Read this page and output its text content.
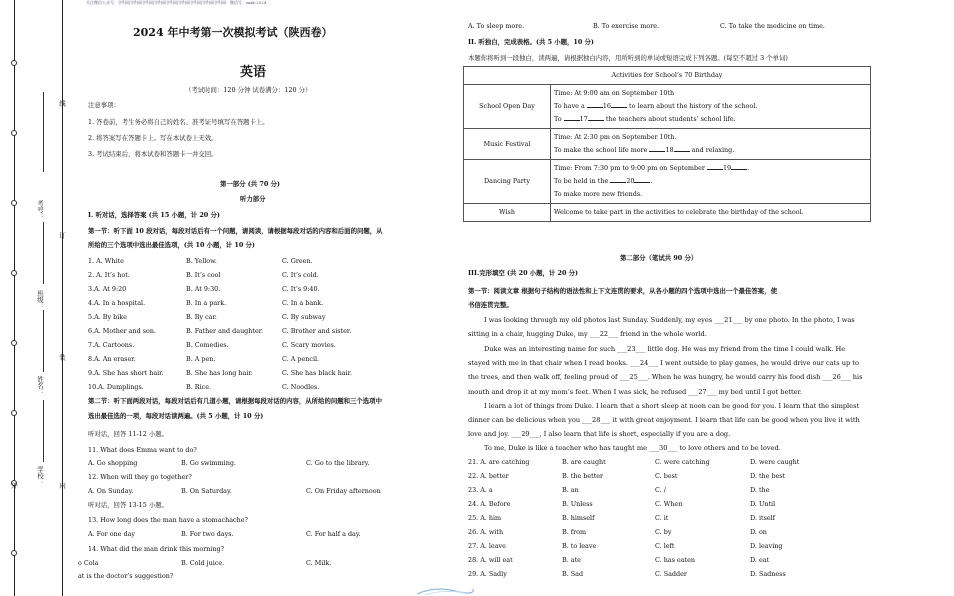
关注微信公众号：学科网学科网学科网学科网学科网学科网学科网学科网学科网 · 微信号：zxxk-2024
线
考号：
订
班级：
装
姓名：
外	学校： 内
2024 年中考第一次模拟考试（陕西卷）
英语
（考试时间：120 分钟 试卷满分：120 分）
注意事项：
1. 答卷前，考生务必将自己的姓名、准考证号填写在答题卡上。
2. 将答案写在答题卡上。写在本试卷上无效。
3. 考试结束后，将本试卷和答题卡一并交回。
第一部分 (共 70 分)
听力部分
I. 听对话，选择答案 (共 15 小题，计 20 分)
第一节：听下面 10 段对话，每段对话后有一个问题，请阅读，请根据每段对话的内容和后面的问题，从
所给的三个选项中选出最佳选项，(共 10 小题，计 10 分)
1. A. White	B. Yellow.	C. Green.
2. A. It’s hot.	B. It’s cool	C. It’s cold.
3.A. At 9:20	B. At 9:30.	C. It’s 9:40.
4.A. In a hospital.	B. In a park.	C. In a bank.
5.A. By bike	B. By car.	C. By subway
6.A. Mother and son.	B. Father and daughter.	C. Brother and sister.
7.A. Cartoons.	B. Comedies.	C. Scary movies.
8.A. An eraser.	B. A pen.	C. A pencil.
9.A. She has short hair.	B. She has long hair.	C. She has black hair.
10.A. Dumplings.	B. Rice.	C. Noodles.
第二节：听下面两段对话，每段对话后有几道小题，请根据每段对话的内容，从所给的问题和三个选项中
选出最佳选的一项，每段对话读两遍。(共 5 小题，计 10 分)
听对话，回答 11-12 小题。
11. What does Emma want to do?
A. Go shopping	B. Go swimming.	C. Go to the library.
12. When will they go together?
A. On Sunday.	B. On Saturday.	C. On Friday afternoon
听对话，回答 13-15 小题。
13. How long does the man have a stomachache?
A. For one day	B. For two days.	C. For half a day.
14. What did the man drink this morning?
o Cola	B. Cold juice.	C. Milk.
at is the doctor’s suggestion?
A. To sleep more.	B. To exercise more.	C. To take the medicine on time.
II. 听独白，完成表格。(共 5 小题，10 分)
本题你将听到一段独白，读两遍，请根据独白内容，用所听到的单词或短语完成下列各题。(每空不超过 3 个单词)
Activities for School’s 70 Birthday	
School Open Day	Time: At 9:00 am on September 10th
To have a 16 to learn about the history of the school.
To 17 the teachers about students’ school life.

Music Festival	Time: At 2:30 pm on September 10th.
To make the school life more 18 and relaxing.

Dancing Party	Time: From 7:30 pm to 9:00 pm on September 19 .
To be held in the 20 .
To make more new friends.

Wish	Welcome to take part in the activities to celebrate the birthday of the school.
第二部分（笔试共 90 分）
III.完形填空 (共 20 小题，计 20 分)
第一节：阅读文章 根据句子结构的语法性和上下文连贯的要求，从各小题的四个选项中选出一个最佳答案，使
书信连贯完整。
I was looking through my old photos last Sunday. Suddenly, my eyes ___21___ by one photo. In the photo, I was sitting in a chair, hugging Duke, my ___22___ friend in the whole world.
Duke was an interesting name for such ___23___ little dog. He was my friend from the time I could walk. He stayed with me in that chair when I read books. ___24___ I went outside to play games, he would drive our cats up to the trees, and then walk off, feeling proud of ___25___. When he was hungry, he would carry his food dish ___26___ his mouth and drop it at my mom’s feet. When I was sick, he refused ___27___ my bed until I got better.
I learn a lot of things from Duke. I learn that a short sleep at noon can be good for you. I learn that the simplest dinner can be delicious when you ___28___ it with great enjoyment. I learn that life can be good when you live it with love and joy. ___29___, I also learn that life is short, especially if you are a dog.
To me, Duke is like a teacher who has taught me ___30___ to love others and to be loved.
21. A. are catching	B. are caught	C. were catching	D. were caught
22. A. better	B. the better	C. best	D. the best
23. A. a	B. an	C. /	D. the
24. A. Before	B. Unless	C. When	D. Until
25. A. him	B. himself	C. it	D. itself
26. A. with	B. from	C. by	D. on
27. A. leave	B. to leave	C. left	D. leaving
28. A. will eat	B. ate	C. has eaten	D. eat
29. A. Sadly	B. Sad	C. Sadder	D. Sadness
